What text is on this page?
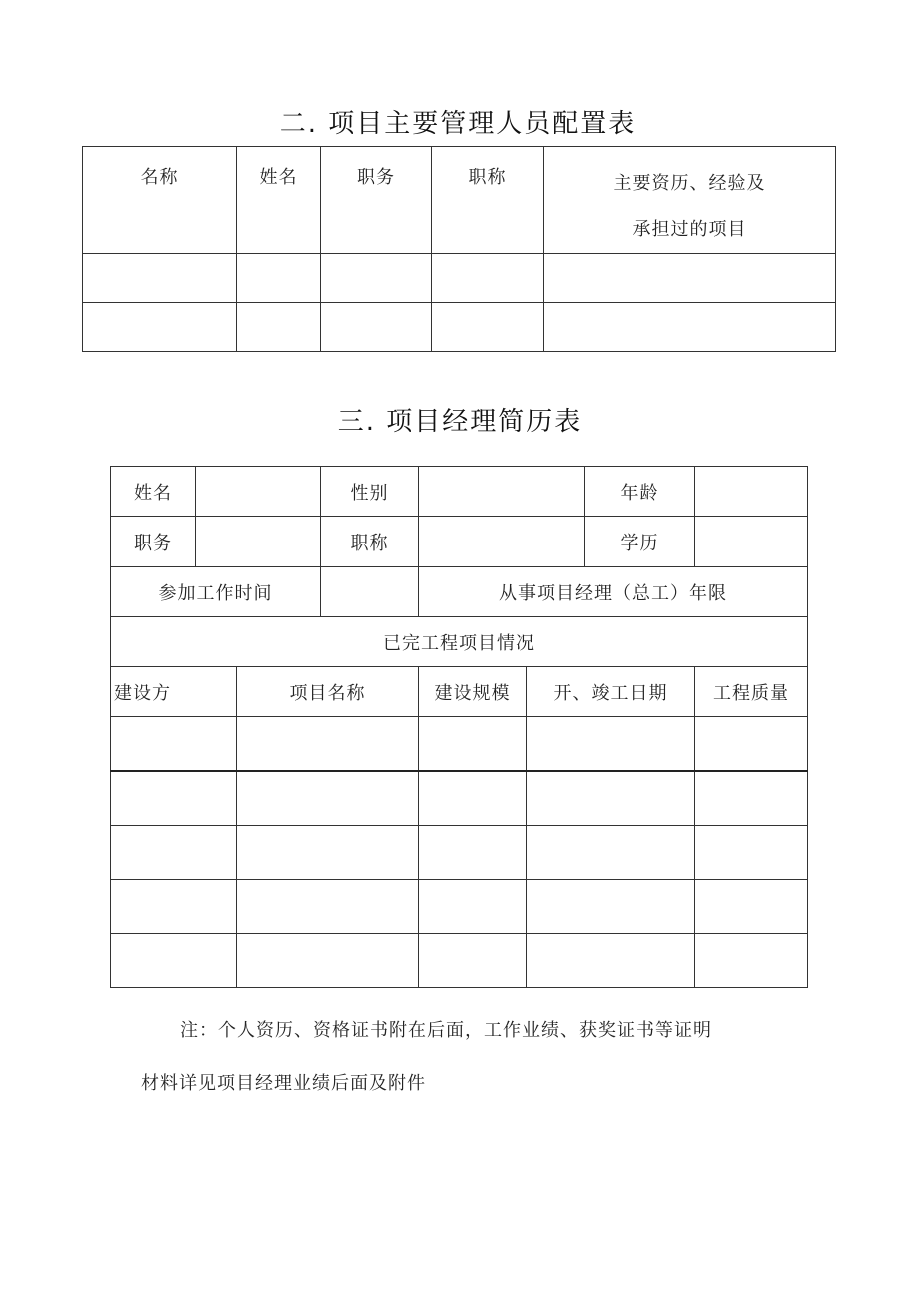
二. 项目主要管理人员配置表
名称	姓名	职务	职称	主要资历、经验及
承担过的项目

三. 项目经理简历表
姓名			性别			年龄	
职务			职称			学历	
参加工作时间				从事项目经理（总工）年限			
已完工程项目情况							
建设方		项目名称		建设规模	开、竣工日期		工程质量

注：个人资历、资格证书附在后面，工作业绩、获奖证书等证明
材料详见项目经理业绩后面及附件
